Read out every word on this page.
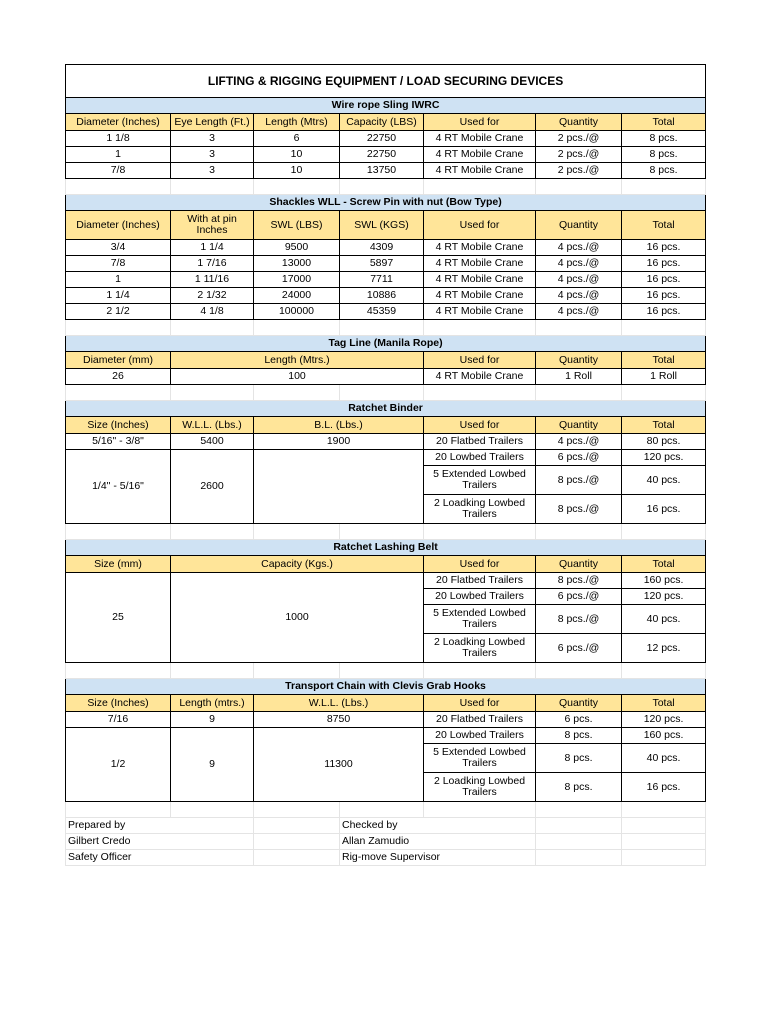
LIFTING & RIGGING EQUIPMENT / LOAD SECURING DEVICES						
Wire rope Sling IWRC						
Diameter (Inches)	Eye Length (Ft.)	Length (Mtrs)	Capacity (LBS)	Used for	Quantity	Total
1 1/8	3	6	22750	4 RT Mobile Crane	2 pcs./@	8 pcs.
1	3	10	22750	4 RT Mobile Crane	2 pcs./@	8 pcs.
7/8	3	10	13750	4 RT Mobile Crane	2 pcs./@	8 pcs.

Shackles WLL - Screw Pin with nut (Bow Type)						
Diameter (Inches)	With at pin Inches	SWL (LBS)	SWL (KGS)	Used for	Quantity	Total
3/4	1 1/4	9500	4309	4 RT Mobile Crane	4 pcs./@	16 pcs.
7/8	1 7/16	13000	5897	4 RT Mobile Crane	4 pcs./@	16 pcs.
1	1 11/16	17000	7711	4 RT Mobile Crane	4 pcs./@	16 pcs.
1 1/4	2 1/32	24000	10886	4 RT Mobile Crane	4 pcs./@	16 pcs.
2 1/2	4 1/8	100000	45359	4 RT Mobile Crane	4 pcs./@	16 pcs.

Tag Line (Manila Rope)						
Diameter (mm)	Length (Mtrs.)			Used for	Quantity	Total
26	100			4 RT Mobile Crane	1 Roll	1 Roll

Ratchet Binder						
Size (Inches)	W.L.L. (Lbs.)	B.L. (Lbs.)		Used for	Quantity	Total
5/16" - 3/8"	5400	1900		20 Flatbed Trailers	4 pcs./@	80 pcs.
1/4" - 5/16"	2600			20 Lowbed Trailers	6 pcs./@	120 pcs.
				5 Extended Lowbed Trailers	8 pcs./@	40 pcs.
				2 Loadking Lowbed Trailers	8 pcs./@	16 pcs.

Ratchet Lashing Belt						
Size (mm)	Capacity (Kgs.)			Used for	Quantity	Total
25	1000			20 Flatbed Trailers	8 pcs./@	160 pcs.
				20 Lowbed Trailers	6 pcs./@	120 pcs.
				5 Extended Lowbed Trailers	8 pcs./@	40 pcs.
				2 Loadking Lowbed Trailers	6 pcs./@	12 pcs.

Transport Chain with Clevis Grab Hooks						
Size (Inches)	Length (mtrs.)	W.L.L. (Lbs.)		Used for	Quantity	Total
7/16	9	8750		20 Flatbed Trailers	6 pcs.	120 pcs.
1/2	9	11300		20 Lowbed Trailers	8 pcs.	160 pcs.
				5 Extended Lowbed Trailers	8 pcs.	40 pcs.
				2 Loadking Lowbed Trailers	8 pcs.	16 pcs.

Prepared by			Checked by			
Gilbert Credo			Allan Zamudio			
Safety Officer			Rig-move Supervisor			
